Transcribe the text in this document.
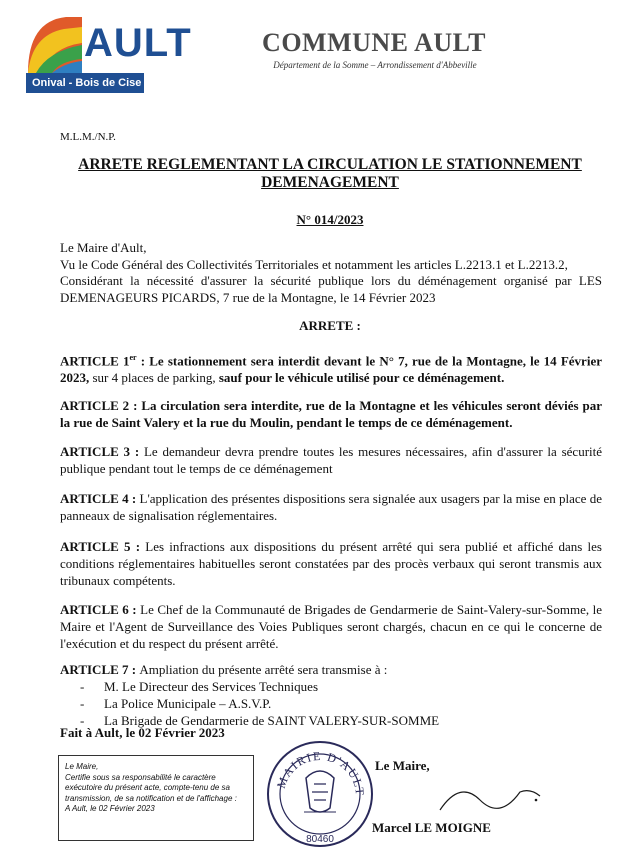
AULT
Onival - Bois de Cise
COMMUNE AULT
Département de la Somme – Arrondissement d'Abbeville
M.L.M./N.P.
ARRETE REGLEMENTANT LA CIRCULATION LE STATIONNEMENT DEMENAGEMENT
N° 014/2023
Le Maire d'Ault,
Vu le Code Général des Collectivités Territoriales et notamment les articles L.2213.1 et L.2213.2,
Considérant la nécessité d'assurer la sécurité publique lors du déménagement organisé par LES DEMENAGEURS PICARDS, 7 rue de la Montagne, le 14 Février 2023
ARRETE :
ARTICLE 1er : Le stationnement sera interdit devant le N° 7, rue de la Montagne, le 14 Février 2023, sur 4 places de parking, sauf pour le véhicule utilisé pour ce déménagement.
ARTICLE 2 : La circulation sera interdite, rue de la Montagne et les véhicules seront déviés par la rue de Saint Valery et la rue du Moulin, pendant le temps de ce déménagement.
ARTICLE 3 : Le demandeur devra prendre toutes les mesures nécessaires, afin d'assurer la sécurité publique pendant tout le temps de ce déménagement
ARTICLE 4 : L'application des présentes dispositions sera signalée aux usagers par la mise en place de panneaux de signalisation réglementaires.
ARTICLE 5 : Les infractions aux dispositions du présent arrêté qui sera publié et affiché dans les conditions réglementaires habituelles seront constatées par des procès verbaux qui seront transmis aux tribunaux compétents.
ARTICLE 6 : Le Chef de la Communauté de Brigades de Gendarmerie de Saint-Valery-sur-Somme, le Maire et l'Agent de Surveillance des Voies Publiques seront chargés, chacun en ce qui le concerne de l'exécution et du respect du présent arrêté.
ARTICLE 7 : Ampliation du présente arrêté sera transmise à :
- M. Le Directeur des Services Techniques
- La Police Municipale – A.S.V.P.
- La Brigade de Gendarmerie de SAINT VALERY-SUR-SOMME
Fait à Ault, le 02 Février 2023
Le Maire,
Certifie sous sa responsabilité le caractère exécutoire du présent acte, compte-tenu de sa transmission, de sa notification et de l'affichage :
A Ault, le 02 Février 2023
MAIRIE D'AULT
80460
Le Maire,
Marcel LE MOIGNE
